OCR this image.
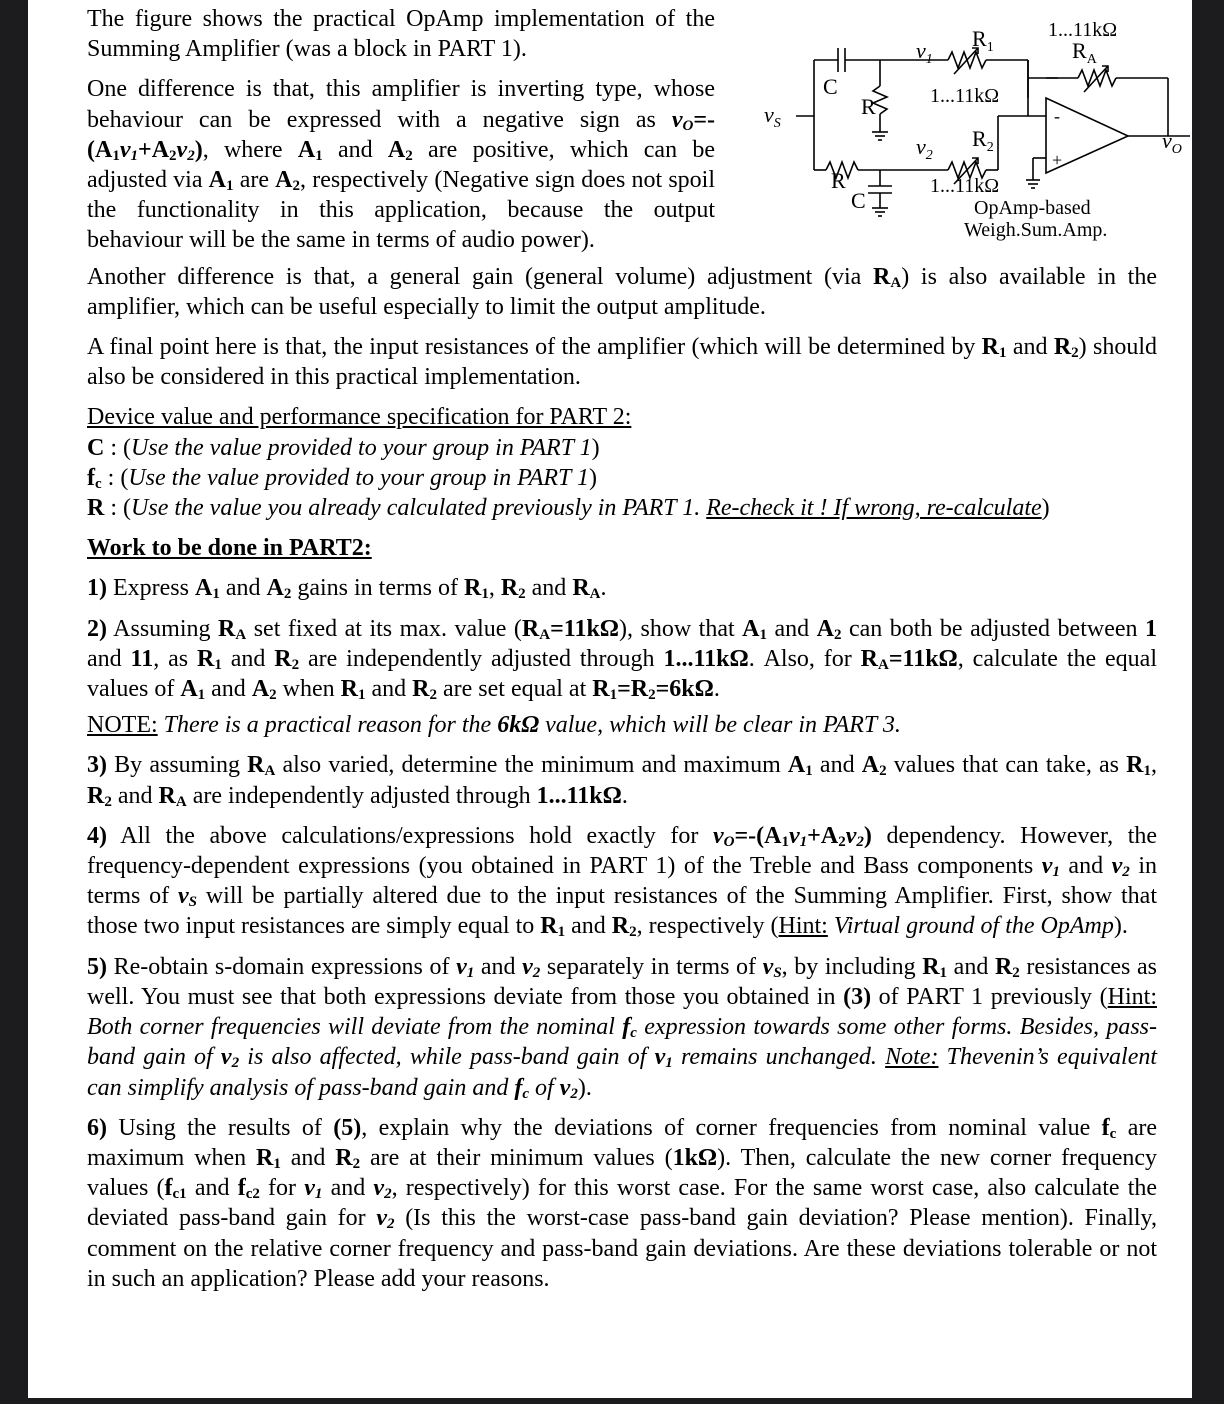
$v_S$
C
R
R
C
$v_1$
$R_1$
1...11kΩ
$v_2$
$R_2$
1...11kΩ
1...11kΩ
$R_A$
-
+
$v_O$
OpAmp-based
Weigh.Sum.Amp.

The figure shows the practical OpAmp implementation of the Summing Amplifier (was a block in PART 1).

One difference is that, this amplifier is inverting type, whose behaviour can be expressed with a negative sign as $v_O=-(A_1v_1+A_2v_2)$, where $A_1$ and $A_2$ are positive, which can be adjusted via $A_1$ are $A_2$, respectively (Negative sign does not spoil the functionality in this application, because the output behaviour will be the same in terms of audio power).

Another difference is that, a general gain (general volume) adjustment (via $R_A$) is also available in the amplifier, which can be useful especially to limit the output amplitude.

A final point here is that, the input resistances of the amplifier (which will be determined by $R_1$ and $R_2$) should also be considered in this practical implementation.

Device value and performance specification for PART 2:

C : (Use the value provided to your group in PART 1)

$f_c$ : (Use the value provided to your group in PART 1)

R : (Use the value you already calculated previously in PART 1. Re-check it ! If wrong, re-calculate)

Work to be done in PART2:

1) Express $A_1$ and $A_2$ gains in terms of $R_1$, $R_2$ and $R_A$.

2) Assuming $R_A$ set fixed at its max. value $(R_A=11k\Omega)$, show that $A_1$ and $A_2$ can both be adjusted between 1 and 11, as $R_1$ and $R_2$ are independently adjusted through 1...11kΩ. Also, for $R_A=11k\Omega$, calculate the equal values of $A_1$ and $A_2$ when $R_1$ and $R_2$ are set equal at $R_1=R_2=6k\Omega$.

NOTE: There is a practical reason for the 6kΩ value, which will be clear in PART 3.

3) By assuming $R_A$ also varied, determine the minimum and maximum $A_1$ and $A_2$ values that can take, as $R_1$, $R_2$ and $R_A$ are independently adjusted through 1...11kΩ.

4) All the above calculations/expressions hold exactly for $v_O=-(A_1v_1+A_2v_2)$ dependency. However, the frequency-dependent expressions (you obtained in PART 1) of the Treble and Bass components $v_1$ and $v_2$ in terms of $v_S$ will be partially altered due to the input resistances of the Summing Amplifier. First, show that those two input resistances are simply equal to $R_1$ and $R_2$, respectively (Hint: Virtual ground of the OpAmp).

5) Re-obtain s-domain expressions of $v_1$ and $v_2$ separately in terms of $v_S$, by including $R_1$ and $R_2$ resistances as well. You must see that both expressions deviate from those you obtained in (3) of PART 1 previously (Hint: Both corner frequencies will deviate from the nominal $f_c$ expression towards some other forms. Besides, pass-band gain of $v_2$ is also affected, while pass-band gain of $v_1$ remains unchanged. Note: Thevenin’s equivalent can simplify analysis of pass-band gain and $f_c$ of $v_2$).

6) Using the results of (5), explain why the deviations of corner frequencies from nominal value $f_c$ are maximum when $R_1$ and $R_2$ are at their minimum values (1kΩ). Then, calculate the new corner frequency values ($f_{c1}$ and $f_{c2}$ for $v_1$ and $v_2$, respectively) for this worst case. For the same worst case, also calculate the deviated pass-band gain for $v_2$ (Is this the worst-case pass-band gain deviation? Please mention). Finally, comment on the relative corner frequency and pass-band gain deviations. Are these deviations tolerable or not in such an application? Please add your reasons.
